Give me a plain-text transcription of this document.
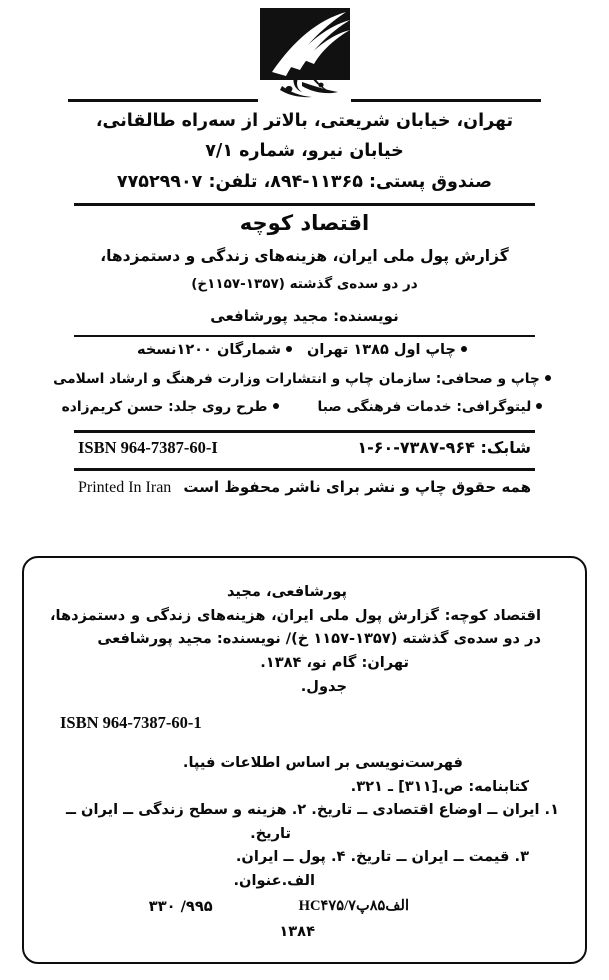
تهران، خیابان شریعتی، بالاتر از سه‌راه طالقانی،
خیابان نیرو، شماره ۷/۱
صندوق پستی: ۱۱۳۶۵-۸۹۴، تلفن: ۷۷۵۲۹۹۰۷
اقتصاد کوچه
گزارش پول ملی ایران، هزینه‌های زندگی و دستمزدها،
در دو سده‌ی گذشته (۱۳۵۷-۱۱۵۷خ)
نویسنده: مجید پورشافعی
چاپ اول ۱۳۸۵ تهرانشمارگان ۱۲۰۰نسخه
چاپ و صحافی: سازمان چاپ و انتشارات وزارت فرهنگ و ارشاد اسلامی
لیتوگرافی: خدمات فرهنگی صباطرح روی جلد: حسن کریم‌زاده
شابک: ۹۶۴-۷۳۸۷-۶۰-۱
ISBN 964-7387-60-I
همه حقوق چاپ و نشر برای ناشر محفوظ است
Printed In Iran
پورشافعی، مجید
اقتصاد کوچه: گزارش پول ملی ایران، هزینه‌های زندگی و دستمزدها، در دو سده‌ی گذشته (۱۳۵۷-۱۱۵۷ خ)/ نویسنده: مجید پورشافعی
تهران: گام نو، ۱۳۸۴.
جدول.
ISBN 964-7387-60-1
فهرست‌نویسی بر اساس اطلاعات فیپا.
کتابنامه: ص.[۳۱۱] ـ ۳۲۱.
۱. ایران ــ اوضاع اقتصادی ــ تاریخ. ۲. هزینه و سطح زندگی ــ ایران ــ
تاریخ.
۳. قیمت ــ ایران ــ تاریخ. ۴. پول ــ ایران.
الف.عنوان.
HC۴۷۵/الف۸۵پ۷
۳۳۰ /۹۹۵
۱۳۸۴
